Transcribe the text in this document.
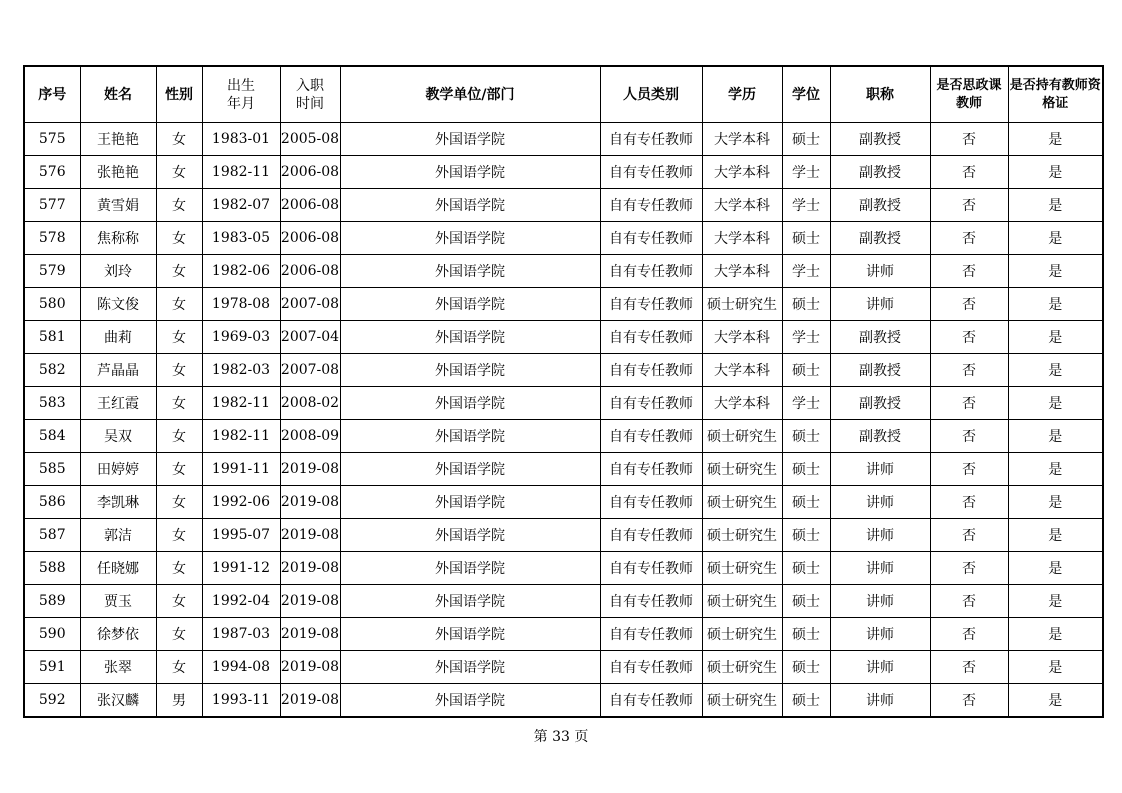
序号	姓名	性别	出生年月	入职时间	教学单位/部门	人员类别	学历	学位	职称	是否思政课教师	是否持有教师资格证
575	王艳艳	女	1983-01	2005-08	外国语学院	自有专任教师	大学本科	硕士	副教授	否	是
576	张艳艳	女	1982-11	2006-08	外国语学院	自有专任教师	大学本科	学士	副教授	否	是
577	黄雪娟	女	1982-07	2006-08	外国语学院	自有专任教师	大学本科	学士	副教授	否	是
578	焦称称	女	1983-05	2006-08	外国语学院	自有专任教师	大学本科	硕士	副教授	否	是
579	刘玲	女	1982-06	2006-08	外国语学院	自有专任教师	大学本科	学士	讲师	否	是
580	陈文俊	女	1978-08	2007-08	外国语学院	自有专任教师	硕士研究生	硕士	讲师	否	是
581	曲莉	女	1969-03	2007-04	外国语学院	自有专任教师	大学本科	学士	副教授	否	是
582	芦晶晶	女	1982-03	2007-08	外国语学院	自有专任教师	大学本科	硕士	副教授	否	是
583	王红霞	女	1982-11	2008-02	外国语学院	自有专任教师	大学本科	学士	副教授	否	是
584	吴双	女	1982-11	2008-09	外国语学院	自有专任教师	硕士研究生	硕士	副教授	否	是
585	田婷婷	女	1991-11	2019-08	外国语学院	自有专任教师	硕士研究生	硕士	讲师	否	是
586	李凯琳	女	1992-06	2019-08	外国语学院	自有专任教师	硕士研究生	硕士	讲师	否	是
587	郭洁	女	1995-07	2019-08	外国语学院	自有专任教师	硕士研究生	硕士	讲师	否	是
588	任晓娜	女	1991-12	2019-08	外国语学院	自有专任教师	硕士研究生	硕士	讲师	否	是
589	贾玉	女	1992-04	2019-08	外国语学院	自有专任教师	硕士研究生	硕士	讲师	否	是
590	徐梦依	女	1987-03	2019-08	外国语学院	自有专任教师	硕士研究生	硕士	讲师	否	是
591	张翠	女	1994-08	2019-08	外国语学院	自有专任教师	硕士研究生	硕士	讲师	否	是
592	张汉麟	男	1993-11	2019-08	外国语学院	自有专任教师	硕士研究生	硕士	讲师	否	是
第 33 页
